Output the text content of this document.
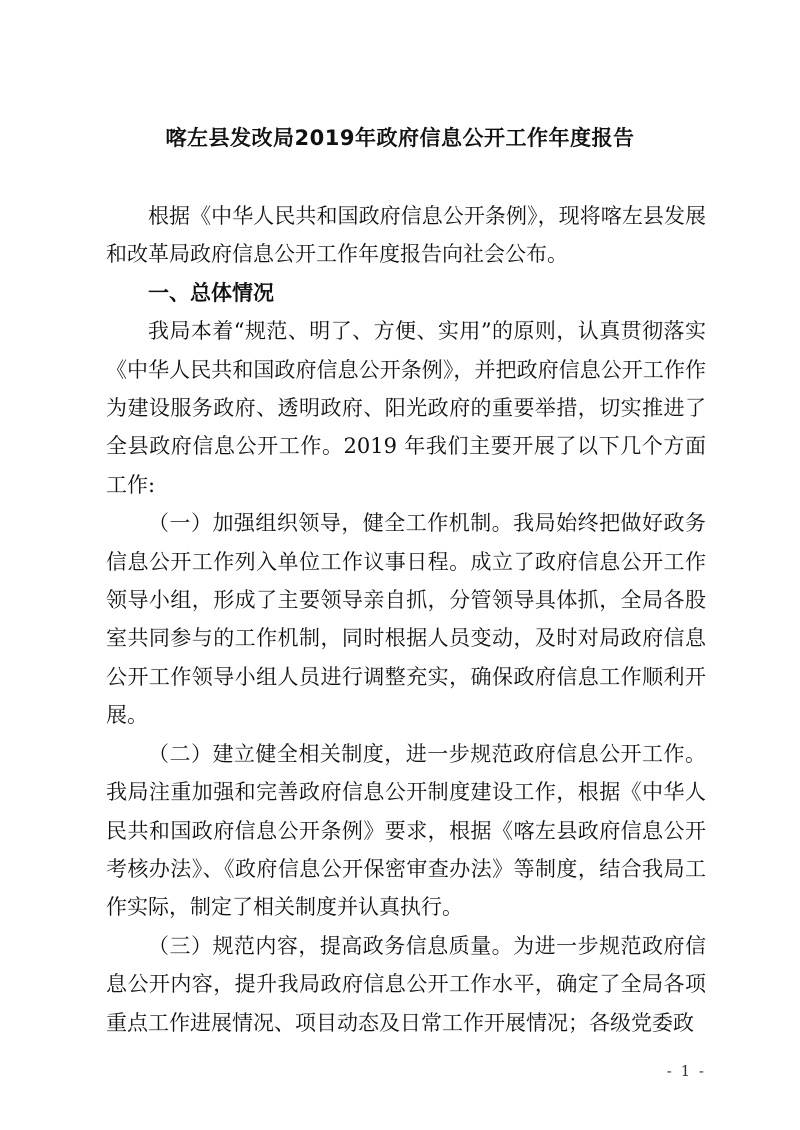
喀左县发改局2019年政府信息公开工作年度报告

根据《中华人民共和国政府信息公开条例》，现将喀左县发展和改革局政府信息公开工作年度报告向社会公布。

一、总体情况

我局本着“规范、明了、方便、实用”的原则，认真贯彻落实《中华人民共和国政府信息公开条例》，并把政府信息公开工作作为建设服务政府、透明政府、阳光政府的重要举措，切实推进了全县政府信息公开工作。2019 年我们主要开展了以下几个方面工作:

（一）加强组织领导，健全工作机制。我局始终把做好政务信息公开工作列入单位工作议事日程。成立了政府信息公开工作领导小组，形成了主要领导亲自抓，分管领导具体抓，全局各股室共同参与的工作机制，同时根据人员变动，及时对局政府信息公开工作领导小组人员进行调整充实，确保政府信息工作顺利开展。

（二）建立健全相关制度，进一步规范政府信息公开工作。我局注重加强和完善政府信息公开制度建设工作，根据《中华人民共和国政府信息公开条例》要求，根据《喀左县政府信息公开考核办法》、《政府信息公开保密审查办法》等制度，结合我局工作实际，制定了相关制度并认真执行。

（三）规范内容，提高政务信息质量。为进一步规范政府信息公开内容，提升我局政府信息公开工作水平，确定了全局各项重点工作进展情况、项目动态及日常工作开展情况；各级党委政

- 1 -
